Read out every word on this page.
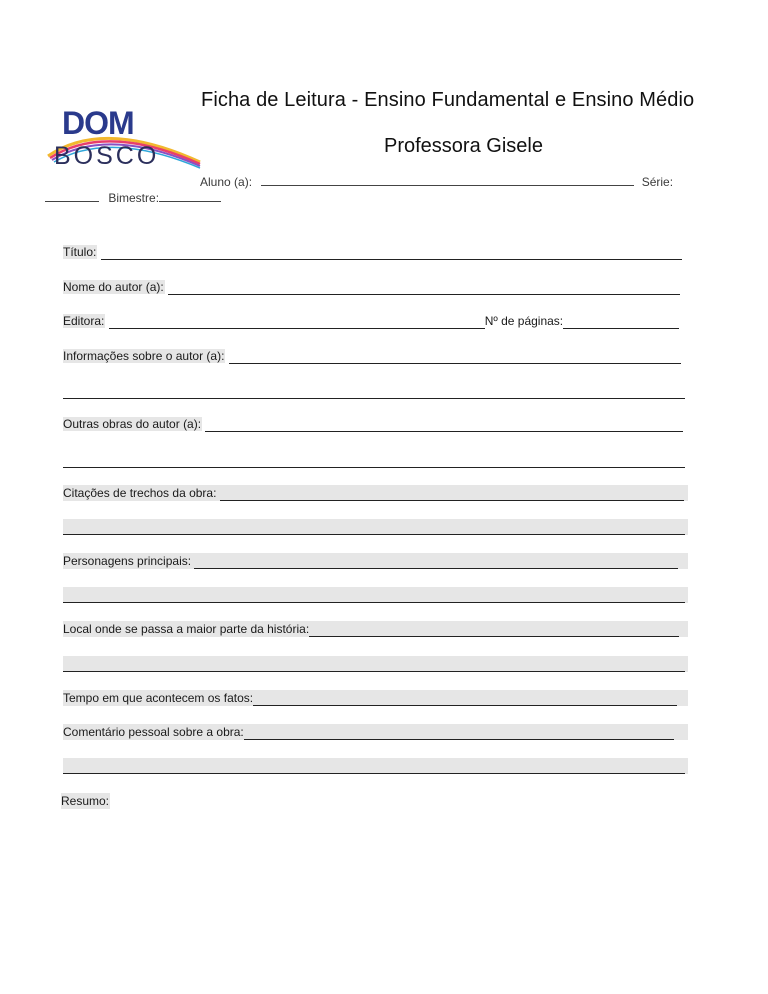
DOM
BOSCO
Ficha de Leitura - Ensino Fundamental e Ensino Médio
Professora Gisele
Aluno (a):	Série:
Bimestre:
Título:
Nome do autor (a):
Editora:	Nº de páginas:
Informações sobre o autor (a):
Outras obras do autor (a):
Citações de trechos da obra:
Personagens principais:
Local onde se passa a maior parte da história:
Tempo em que acontecem os fatos:
Comentário pessoal sobre a obra:
Resumo:
